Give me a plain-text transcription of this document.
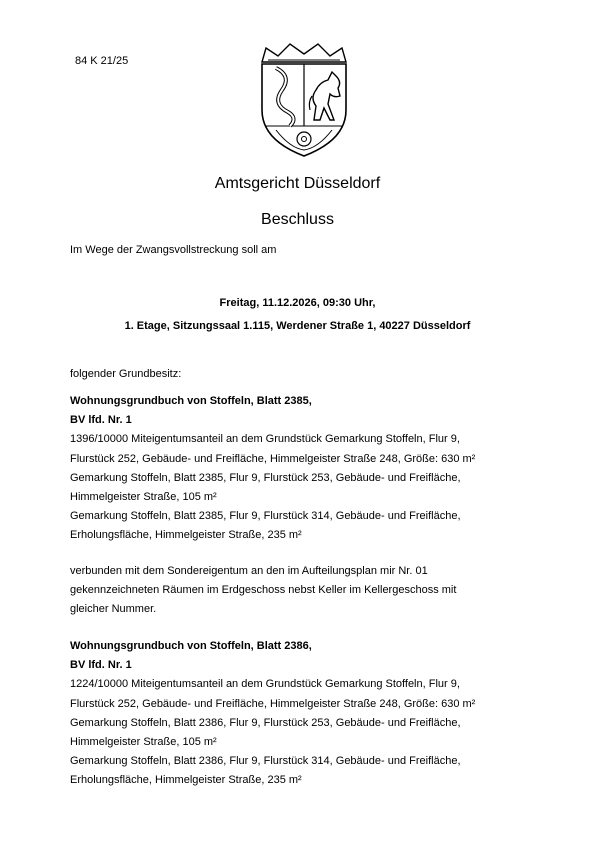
84 K 21/25
Amtsgericht Düsseldorf
Beschluss
Im Wege der Zwangsvollstreckung soll am
Freitag, 11.12.2026, 09:30 Uhr,
1. Etage, Sitzungssaal 1.115, Werdener Straße 1, 40227 Düsseldorf
folgender Grundbesitz:

Wohnungsgrundbuch von Stoffeln, Blatt 2385,

BV lfd. Nr. 1

1396/10000 Miteigentumsanteil an dem Grundstück Gemarkung Stoffeln, Flur 9,

Flurstück 252, Gebäude- und Freifläche, Himmelgeister Straße 248, Größe: 630 m²

Gemarkung Stoffeln, Blatt 2385, Flur 9, Flurstück 253, Gebäude- und Freifläche,

Himmelgeister Straße, 105 m²

Gemarkung Stoffeln, Blatt 2385, Flur 9, Flurstück 314, Gebäude- und Freifläche,

Erholungsfläche, Himmelgeister Straße, 235 m²

verbunden mit dem Sondereigentum an den im Aufteilungsplan mir Nr. 01

gekennzeichneten Räumen im Erdgeschoss nebst Keller im Kellergeschoss mit

gleicher Nummer.

Wohnungsgrundbuch von Stoffeln, Blatt 2386,

BV lfd. Nr. 1

1224/10000 Miteigentumsanteil an dem Grundstück Gemarkung Stoffeln, Flur 9,

Flurstück 252, Gebäude- und Freifläche, Himmelgeister Straße 248, Größe: 630 m²

Gemarkung Stoffeln, Blatt 2386, Flur 9, Flurstück 253, Gebäude- und Freifläche,

Himmelgeister Straße, 105 m²

Gemarkung Stoffeln, Blatt 2386, Flur 9, Flurstück 314, Gebäude- und Freifläche,

Erholungsfläche, Himmelgeister Straße, 235 m²
